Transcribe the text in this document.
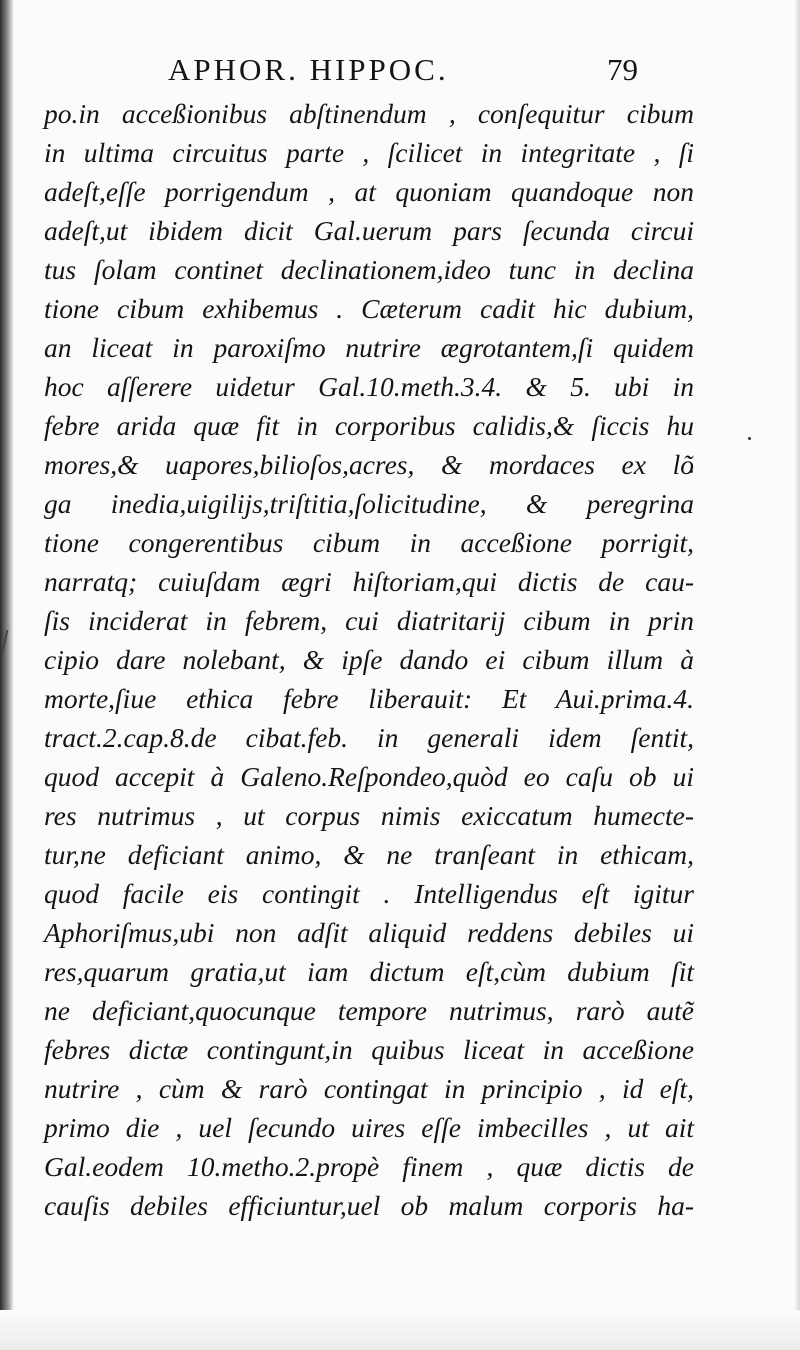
APHOR. HIPPOC.	79
po.in acceßionibus abſtinendum , conſequitur cibum
in ultima circuitus parte , ſcilicet in integritate , ſi
adeſt,eſſe porrigendum , at quoniam quandoque non
adeſt,ut ibidem dicit Gal.uerum pars ſecunda circui
tus ſolam continet declinationem,ideo tunc in declina
tione cibum exhibemus . Cæterum cadit hic dubium,
an liceat in paroxiſmo nutrire ægrotantem,ſi quidem
hoc aſſerere uidetur Gal.10.meth.3.4. & 5. ubi in
febre arida quæ fit in corporibus calidis,& ſiccis hu
mores,& uapores,bilioſos,acres, & mordaces ex lõ
ga inedia,uigilijs,triſtitia,ſolicitudine, & peregrina
tione congerentibus cibum in acceßione porrigit,
narratq; cuiuſdam ægri hiſtoriam,qui dictis de cau-
ſis inciderat in febrem, cui diatritarij cibum in prin
cipio dare nolebant, & ipſe dando ei cibum illum à
morte,ſiue ethica febre liberauit: Et Aui.prima.4.
tract.2.cap.8.de cibat.feb. in generali idem ſentit,
quod accepit à Galeno.Reſpondeo,quòd eo caſu ob ui
res nutrimus , ut corpus nimis exiccatum humecte-
tur,ne deficiant animo, & ne tranſeant in ethicam,
quod facile eis contingit . Intelligendus eſt igitur
Aphoriſmus,ubi non adſit aliquid reddens debiles ui
res,quarum gratia,ut iam dictum eſt,cùm dubium ſit
ne deficiant,quocunque tempore nutrimus, rarò autẽ
febres dictæ contingunt,in quibus liceat in acceßione
nutrire , cùm & rarò contingat in principio , id eſt,
primo die , uel ſecundo uires eſſe imbecilles , ut ait
Gal.eodem 10.metho.2.propè finem , quæ dictis de
cauſis debiles efficiuntur,uel ob malum corporis ha-
